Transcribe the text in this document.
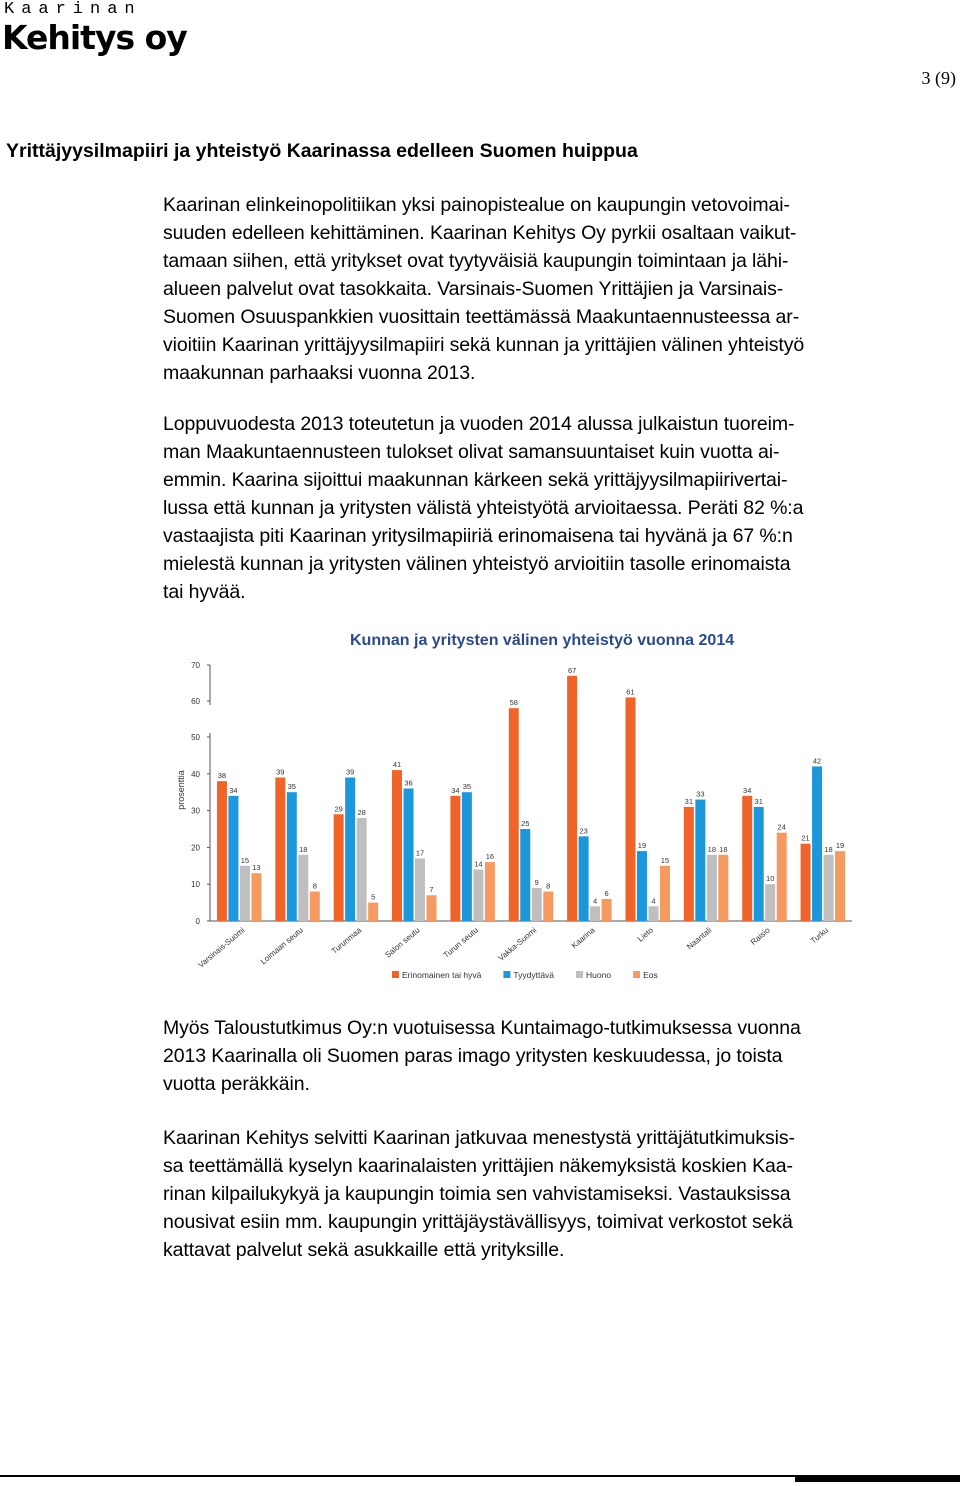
Kaarinan
Kehitys oy
3 (9)
Yrittäjyysilmapiiri ja yhteistyö Kaarinassa edelleen Suomen huippua

Kaarinan elinkeinopolitiikan yksi painopistealue on kaupungin vetovoimai-
suuden edelleen kehittäminen. Kaarinan Kehitys Oy pyrkii osaltaan vaikut-
tamaan siihen, että yritykset ovat tyytyväisiä kaupungin toimintaan ja lähi-
alueen palvelut ovat tasokkaita. Varsinais-Suomen Yrittäjien ja Varsinais-
Suomen Osuuspankkien vuosittain teettämässä Maakuntaennusteessa ar-
vioitiin Kaarinan yrittäjyysilmapiiri sekä kunnan ja yrittäjien välinen yhteistyö
maakunnan parhaaksi vuonna 2013.

Loppuvuodesta 2013 toteutetun ja vuoden 2014 alussa julkaistun tuoreim-
man Maakuntaennusteen tulokset olivat samansuuntaiset kuin vuotta ai-
emmin. Kaarina sijoittui maakunnan kärkeen sekä yrittäjyysilmapiirivertai-
lussa että kunnan ja yritysten välistä yhteistyötä arvioitaessa. Peräti 82 %:a
vastaajista piti Kaarinan yritysilmapiiriä erinomaisena tai hyvänä ja 67 %:n
mielestä kunnan ja yritysten välinen yhteistyö arvioitiin tasolle erinomaista
tai hyvää.

Kunnan ja yritysten välinen yhteistyö vuonna 2014
prosenttia
0
10
20
30
40
50
60
70
38
34
15
13
39
35
18
8
29
39
28
5
41
36
17
7
34 35
14
16
58
25
9 8
67
23
4
6
61
19
4
15
31
33
18 18
34
31
10
24
21
42
18 19
Varsinais-Suomi Loimaan seutu	Turunmaa	Salon seutu	Turun seutu Vakka-Suomi	Kaarina	Lieto	Naantali	Raisio	Turku
Erinomainen tai hyvä	Tyydyttävä	Huono	Eos

Myös Taloustutkimus Oy:n vuotuisessa Kuntaimago-tutkimuksessa vuonna
2013 Kaarinalla oli Suomen paras imago yritysten keskuudessa, jo toista
vuotta peräkkäin.

Kaarinan Kehitys selvitti Kaarinan jatkuvaa menestystä yrittäjätutkimuksis-
sa teettämällä kyselyn kaarinalaisten yrittäjien näkemyksistä koskien Kaa-
rinan kilpailukykyä ja kaupungin toimia sen vahvistamiseksi. Vastauksissa
nousivat esiin mm. kaupungin yrittäjäystävällisyys, toimivat verkostot sekä
kattavat palvelut sekä asukkaille että yrityksille.
